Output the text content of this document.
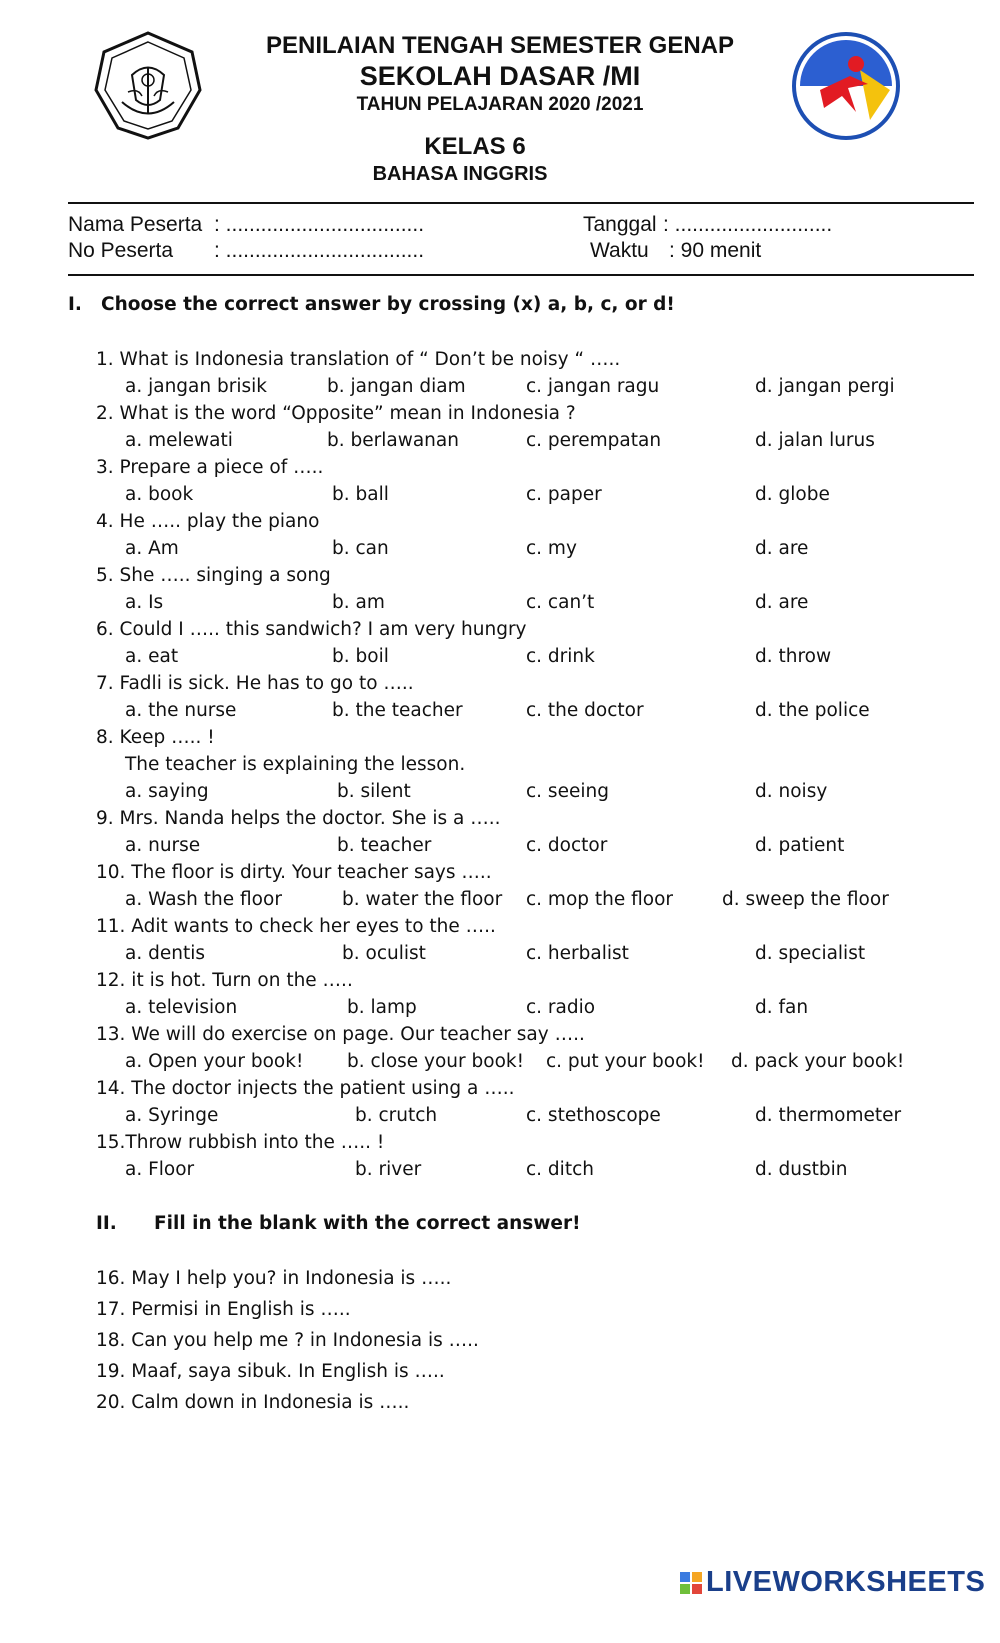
PENILAIAN TENGAH SEMESTER GENAP
SEKOLAH DASAR /MI
TAHUN PELAJARAN 2020 /2021
KELAS 6
BAHASA INGGRIS
Nama Peserta : ..................................	Tanggal : ...........................
No Peserta : ..................................	Waktu : 90 menit
I. Choose the correct answer by crossing (x) a, b, c, or d!
1. What is Indonesia translation of “ Don’t be noisy “ …..
a. jangan brisik	b. jangan diam	c. jangan ragu	d. jangan pergi
2. What is the word “Opposite” mean in Indonesia ?
a. melewati	b. berlawanan	c. perempatan	d. jalan lurus
3. Prepare a piece of …..
a. book	b. ball	c. paper	d. globe
4. He ….. play the piano
a. Am	b. can	c. my	d. are
5. She ….. singing a song
a. Is	b. am	c. can’t	d. are
6. Could I ….. this sandwich? I am very hungry
a. eat	b. boil	c. drink	d. throw
7. Fadli is sick. He has to go to …..
a. the nurse	b. the teacher	c. the doctor	d. the police
8. Keep ….. !
The teacher is explaining the lesson.
a. saying	b. silent	c. seeing	d. noisy
9. Mrs. Nanda helps the doctor. She is a …..
a. nurse	b. teacher	c. doctor	d. patient
10. The floor is dirty. Your teacher says …..
a. Wash the floor	b. water the floor c. mop the floor	d. sweep the floor
11. Adit wants to check her eyes to the …..
a. dentis	b. oculist	c. herbalist	d. specialist
12. it is hot. Turn on the …..
a. television	b. lamp	c. radio	d. fan
13. We will do exercise on page. Our teacher say …..
a. Open your book! b. close your book! c. put your book! d. pack your book!
14. The doctor injects the patient using a …..
a. Syringe	b. crutch	c. stethoscope	d. thermometer
15.Throw rubbish into the ….. !
a. Floor	b. river	c. ditch	d. dustbin
II. Fill in the blank with the correct answer!
16. May I help you? in Indonesia is …..
17. Permisi in English is …..
18. Can you help me ? in Indonesia is …..
19. Maaf, saya sibuk. In English is …..
20. Calm down in Indonesia is …..
LIVEWORKSHEETS
